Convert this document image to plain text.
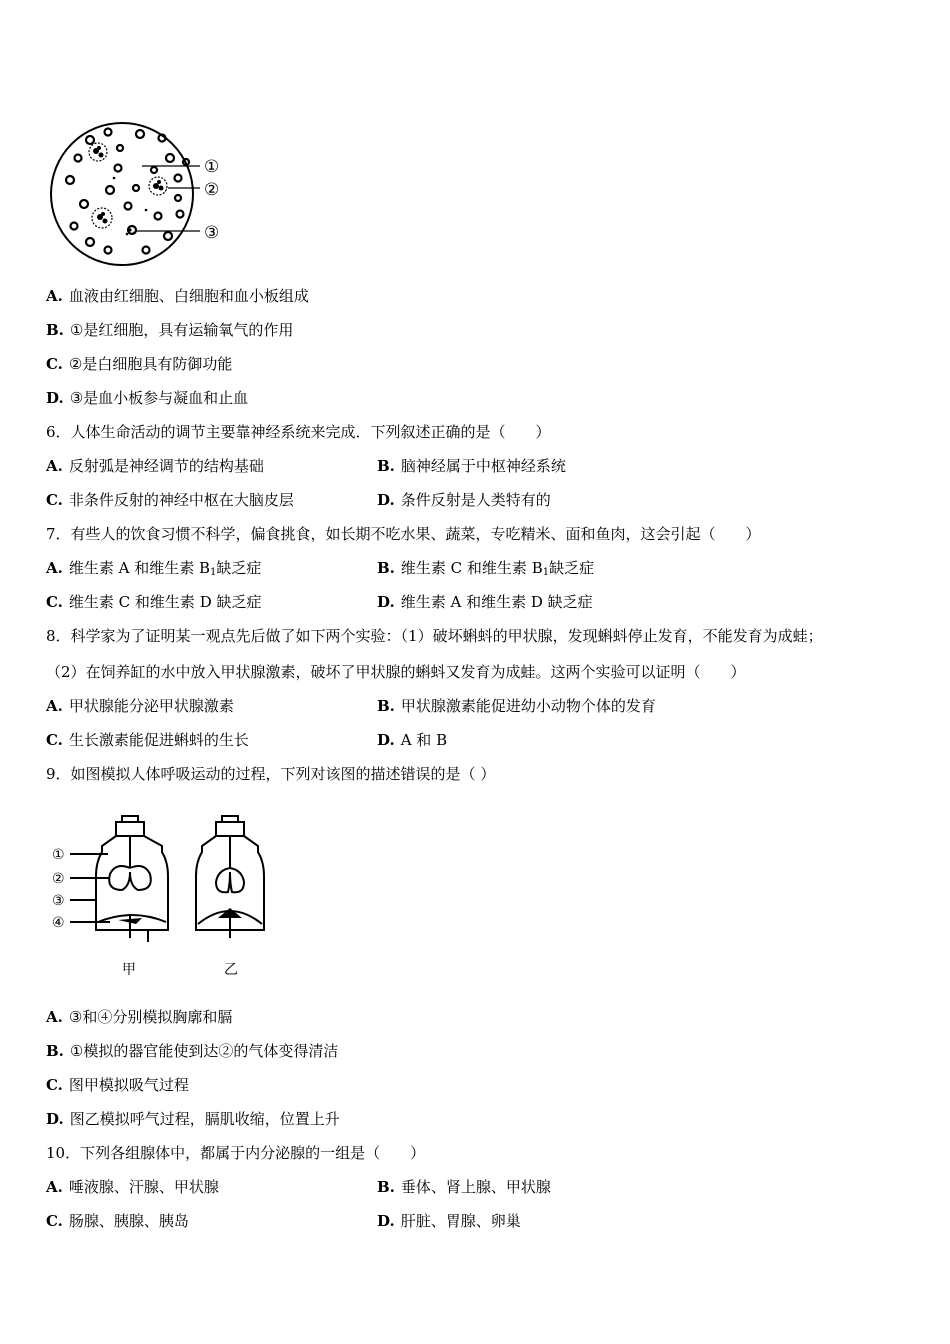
①
②
③
A. 血液由红细胞、白细胞和血小板组成
B. ①是红细胞，具有运输氧气的作用
C. ②是白细胞具有防御功能
D. ③是血小板参与凝血和止血
6．人体生命活动的调节主要靠神经系统来完成．下列叙述正确的是（　　）
A. 反射弧是神经调节的结构基础	B. 脑神经属于中枢神经系统
C. 非条件反射的神经中枢在大脑皮层	D. 条件反射是人类特有的
7．有些人的饮食习惯不科学，偏食挑食，如长期不吃水果、蔬菜，专吃精米、面和鱼肉，这会引起（　　）
A. 维生素 A 和维生素 $B_1$缺乏症	B. 维生素 C 和维生素 $B_1$缺乏症
C. 维生素 C 和维生素 D 缺乏症	D. 维生素 A 和维生素 D 缺乏症
8．科学家为了证明某一观点先后做了如下两个实验：（1）破坏蝌蚪的甲状腺，发现蝌蚪停止发育，不能发育为成蛙；
（2）在饲养缸的水中放入甲状腺激素，破坏了甲状腺的蝌蚪又发育为成蛙。这两个实验可以证明（　　）
A. 甲状腺能分泌甲状腺激素	B. 甲状腺激素能促进幼小动物个体的发育
C. 生长激素能促进蝌蚪的生长	D. A 和 B
9．如图模拟人体呼吸运动的过程，下列对该图的描述错误的是（ ）
①
②
③
④
甲	乙
A. ③和④分别模拟胸廓和膈
B. ①模拟的器官能使到达②的气体变得清洁
C. 图甲模拟吸气过程
D. 图乙模拟呼气过程，膈肌收缩，位置上升
10．下列各组腺体中，都属于内分泌腺的一组是（　　）
A. 唾液腺、汗腺、甲状腺	B. 垂体、肾上腺、甲状腺
C. 肠腺、胰腺、胰岛	D. 肝脏、胃腺、卵巢
